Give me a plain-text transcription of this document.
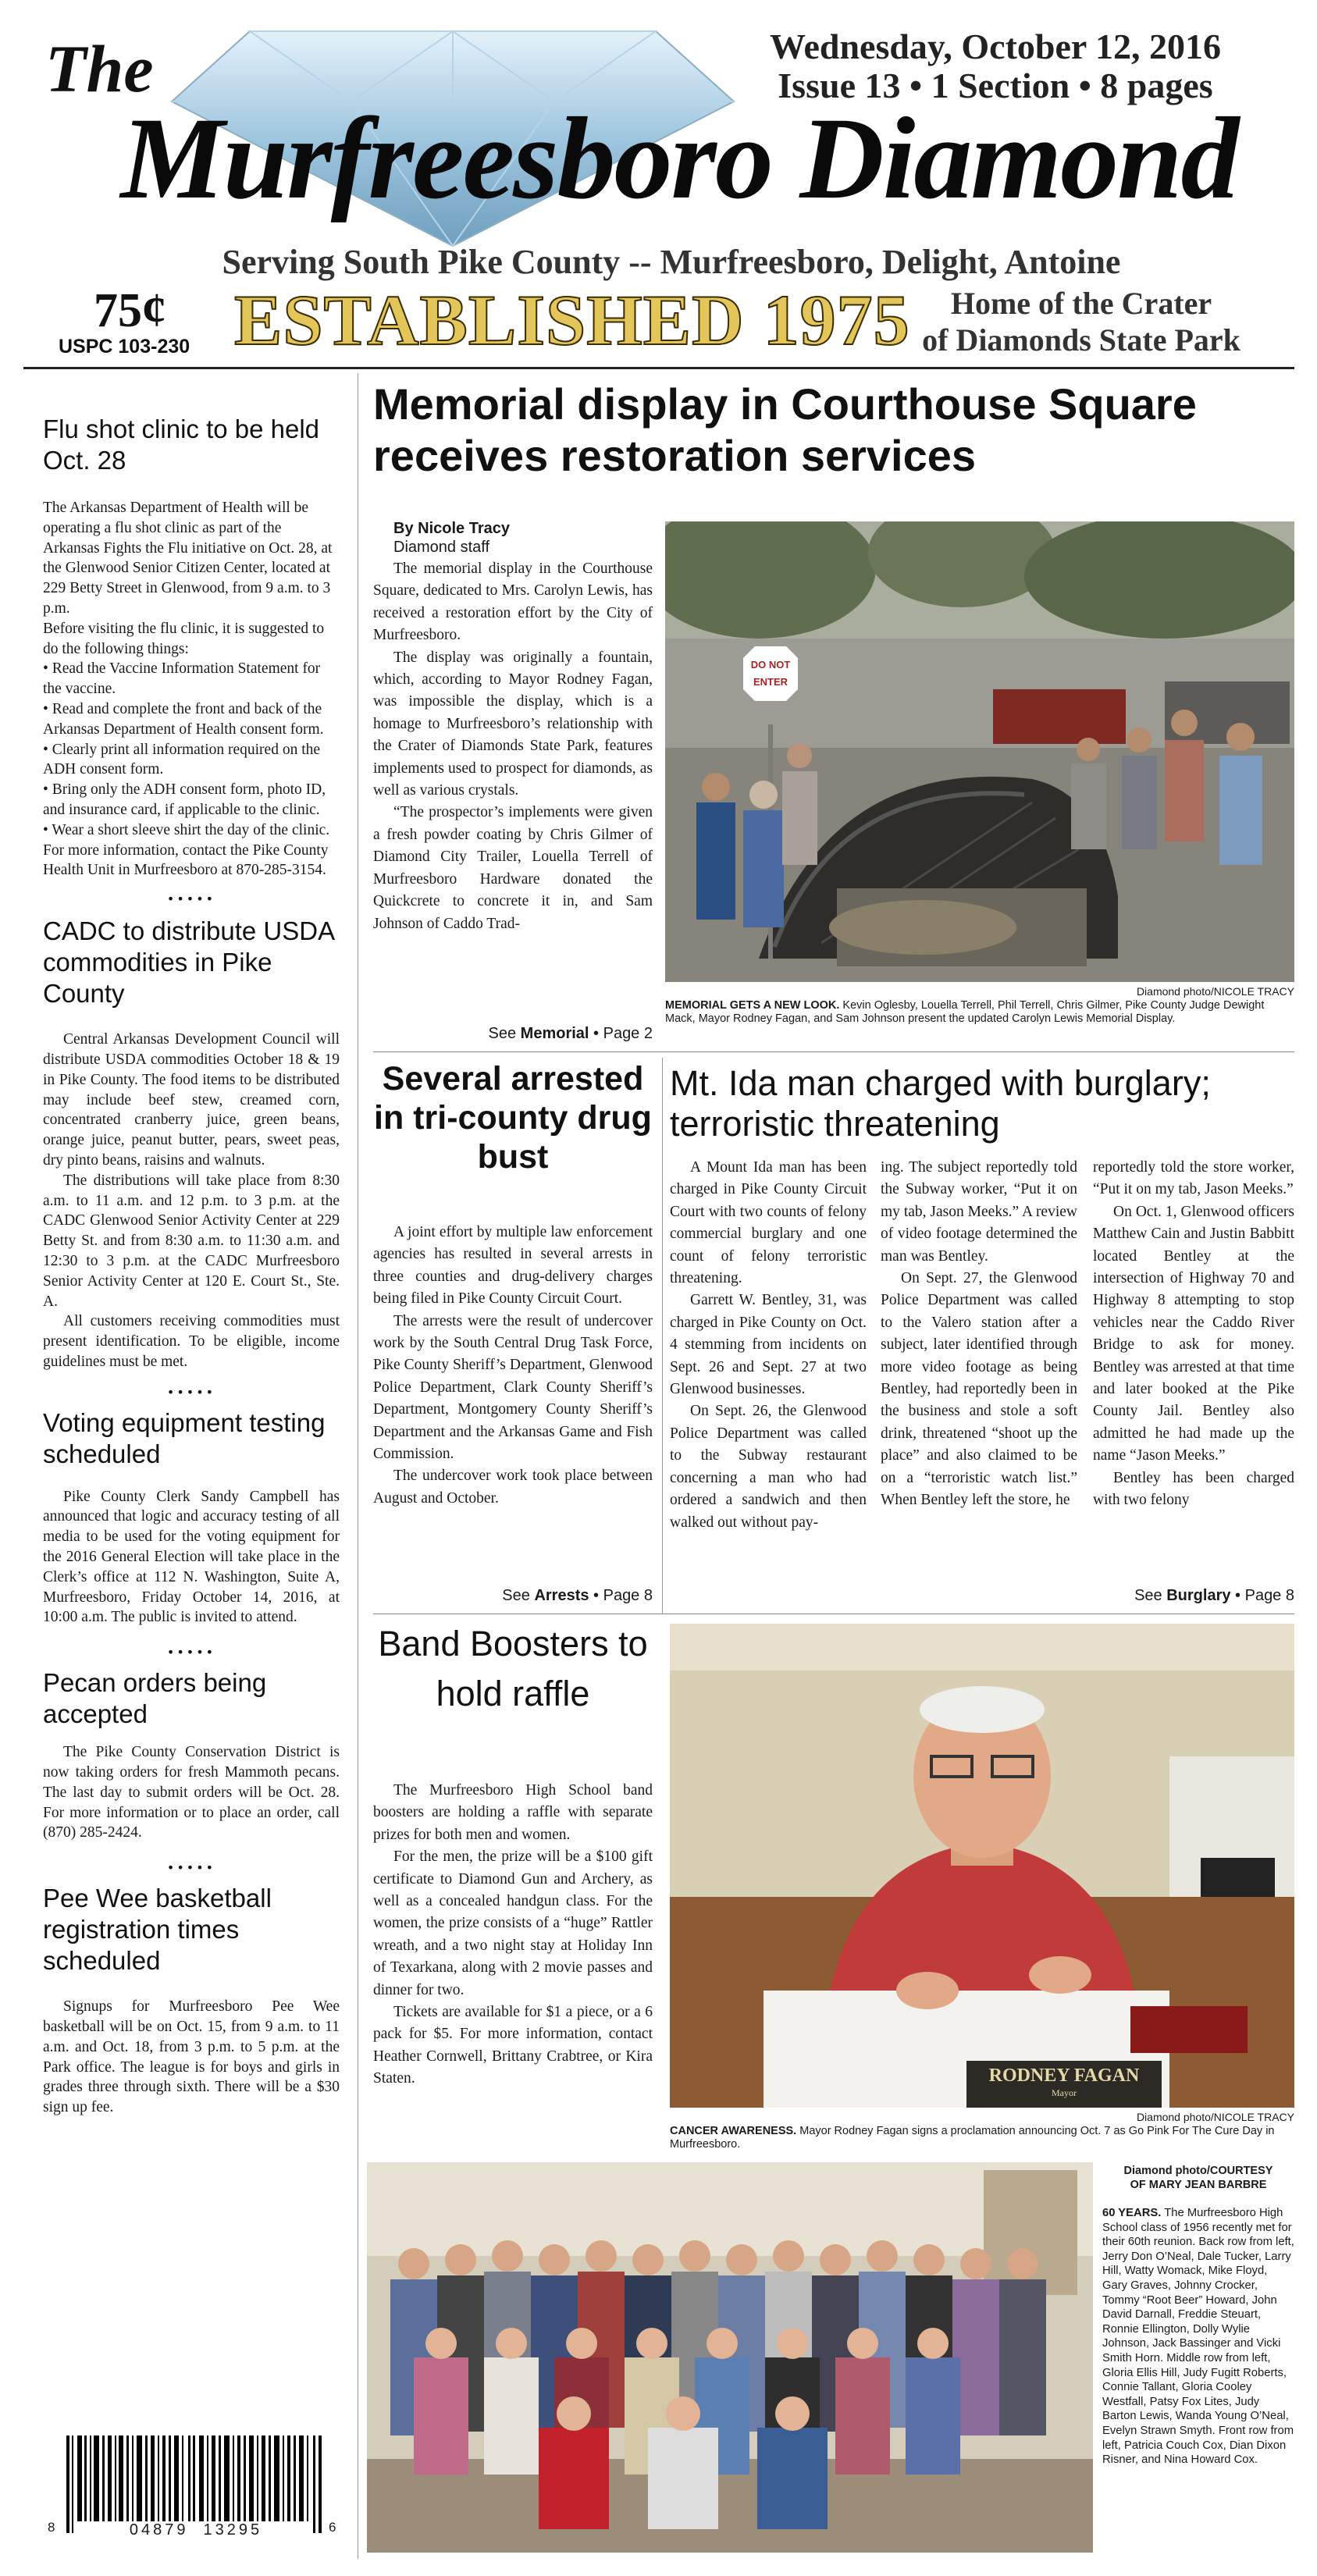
The	Wednesday, October 12, 2016
Issue 13 • 1 Section • 8 pages
Murfreesboro Diamond
Serving South Pike County -- Murfreesboro, Delight, Antoine
75¢
USPC 103-230 ESTABLISHED 1975	Home of the Crater
of Diamonds State Park
Flu shot clinic to be held Oct. 28

The Arkansas Department of Health will be operating a flu shot clinic as part of the Arkansas Fights the Flu initiative on Oct. 28, at the Glenwood Senior Citizen Center, located at 229 Betty Street in Glenwood, from 9 a.m. to 3 p.m.

Before visiting the flu clinic, it is suggested to do the following things:

• Read the Vaccine Information Statement for the vaccine.

• Read and complete the front and back of the Arkansas Department of Health consent form.

• Clearly print all information required on the ADH consent form.

• Bring only the ADH consent form, photo ID, and insurance card, if applicable to the clinic.

• Wear a short sleeve shirt the day of the clinic.

For more information, contact the Pike County Health Unit in Murfreesboro at 870-285-3154.

•••••
CADC to distribute USDA commodities in Pike County

Central Arkansas Development Council will distribute USDA commodities October 18 & 19 in Pike County. The food items to be distributed may include beef stew, creamed corn, concentrated cranberry juice, green beans, orange juice, peanut butter, pears, sweet peas, dry pinto beans, raisins and walnuts.

The distributions will take place from 8:30 a.m. to 11 a.m. and 12 p.m. to 3 p.m. at the CADC Glenwood Senior Activity Center at 229 Betty St. and from 8:30 a.m. to 11:30 a.m. and 12:30 to 3 p.m. at the CADC Murfreesboro Senior Activity Center at 120 E. Court St., Ste. A.

All customers receiving commodities must present identification. To be eligible, income guidelines must be met.

•••••
Voting equipment testing scheduled

Pike County Clerk Sandy Campbell has announced that logic and accuracy testing of all media to be used for the voting equipment for the 2016 General Election will take place in the Clerk’s office at 112 N. Washington, Suite A, Murfreesboro, Friday October 14, 2016, at 10:00 a.m. The public is invited to attend.

•••••
Pecan orders being accepted

The Pike County Conservation District is now taking orders for fresh Mammoth pecans. The last day to submit orders will be Oct. 28. For more information or to place an order, call (870) 285-2424.

•••••
Pee Wee basketball registration times scheduled

Signups for Murfreesboro Pee Wee basketball will be on Oct. 15, from 9 a.m. to 11 a.m. and Oct. 18, from 3 p.m. to 5 p.m. at the Park office. The league is for boys and girls in grades three through sixth. There will be a $30 sign up fee.

8	04879  13295	6
Memorial display in Courthouse Square receives restoration services
By Nicole Tracy
Diamond staff

The memorial display in the Courthouse Square, dedicated to Mrs. Carolyn Lewis, has received a restoration effort by the City of Murfreesboro.

The display was originally a fountain, which, according to Mayor Rodney Fagan, was impossible the display, which is a homage to Murfreesboro’s relationship with the Crater of Diamonds State Park, features implements used to prospect for diamonds, as well as various crystals.

“The prospector’s implements were given a fresh powder coating by Chris Gilmer of Diamond City Trailer, Louella Terrell of Murfreesboro Hardware donated the Quickcrete to concrete it in, and Sam Johnson of Caddo Trad-

See Memorial • Page 2
DO NOT
ENTER
Diamond photo/NICOLE TRACY
MEMORIAL GETS A NEW LOOK. Kevin Oglesby, Louella Terrell, Phil Terrell, Chris Gilmer, Pike County Judge Dewight Mack, Mayor Rodney Fagan, and Sam Johnson present the updated Carolyn Lewis Memorial Display.
Several arrested in tri-county drug bust

A joint effort by multiple law enforcement agencies has resulted in several arrests in three counties and drug-delivery charges being filed in Pike County Circuit Court.

The arrests were the result of undercover work by the South Central Drug Task Force, Pike County Sheriff’s Department, Glenwood Police Department, Clark County Sheriff’s Department, Montgomery County Sheriff’s Department and the Arkansas Game and Fish Commission.

The undercover work took place between August and October.

See Arrests • Page 8
Mt. Ida man charged with burglary; terroristic threatening

A Mount Ida man has been charged in Pike County Circuit Court with two counts of felony commercial burglary and one count of felony terroristic threatening.

Garrett W. Bentley, 31, was charged in Pike County on Oct. 4 stemming from incidents on Sept. 26 and Sept. 27 at two Glenwood businesses.

On Sept. 26, the Glenwood Police Department was called to the Subway restaurant concerning a man who had ordered a sandwich and then walked out without pay-

ing. The subject reportedly told the Subway worker, “Put it on my tab, Jason Meeks.” A review of video footage determined the man was Bentley.

On Sept. 27, the Glenwood Police Department was called to the Valero station after a subject, later identified through more video footage as being Bentley, had reportedly been in the business and stole a soft drink, threatened “shoot up the place” and also claimed to be on a “terroristic watch list.” When Bentley left the store, he

reportedly told the store worker, “Put it on my tab, Jason Meeks.”

On Oct. 1, Glenwood officers Matthew Cain and Justin Babbitt located Bentley at the intersection of Highway 70 and Highway 8 attempting to stop vehicles near the Caddo River Bridge to ask for money. Bentley was arrested at that time and later booked at the Pike County Jail. Bentley also admitted he had made up the name “Jason Meeks.”

Bentley has been charged with two felony

See Burglary • Page 8
Band Boosters to hold raffle

The Murfreesboro High School band boosters are holding a raffle with separate prizes for both men and women.

For the men, the prize will be a $100 gift certificate to Diamond Gun and Archery, as well as a concealed handgun class. For the women, the prize consists of a “huge” Rattler wreath, and a two night stay at Holiday Inn of Texarkana, along with 2 movie passes and dinner for two.

Tickets are available for $1 a piece, or a 6 pack for $5. For more information, contact Heather Cornwell, Brittany Crabtree, or Kira Staten.	RODNEY FAGAN
Mayor
Diamond photo/NICOLE TRACY
CANCER AWARENESS. Mayor Rodney Fagan signs a proclamation announcing Oct. 7 as Go Pink For The Cure Day in Murfreesboro.
Diamond photo/COURTESY
OF MARY JEAN BARBRE
60 YEARS. The Murfreesboro High School class of 1956 recently met for their 60th reunion. Back row from left, Jerry Don O’Neal, Dale Tucker, Larry Hill, Watty Womack, Mike Floyd, Gary Graves, Johnny Crocker, Tommy “Root Beer” Howard, John David Darnall, Freddie Steuart, Ronnie Ellington, Dolly Wylie Johnson, Jack Bassinger and Vicki Smith Horn. Middle row from left, Gloria Ellis Hill, Judy Fugitt Roberts, Connie Tallant, Gloria Cooley Westfall, Patsy Fox Lites, Judy Barton Lewis, Wanda Young O’Neal, Evelyn Strawn Smyth. Front row from left, Patricia Couch Cox, Dian Dixon Risner, and Nina Howard Cox.
